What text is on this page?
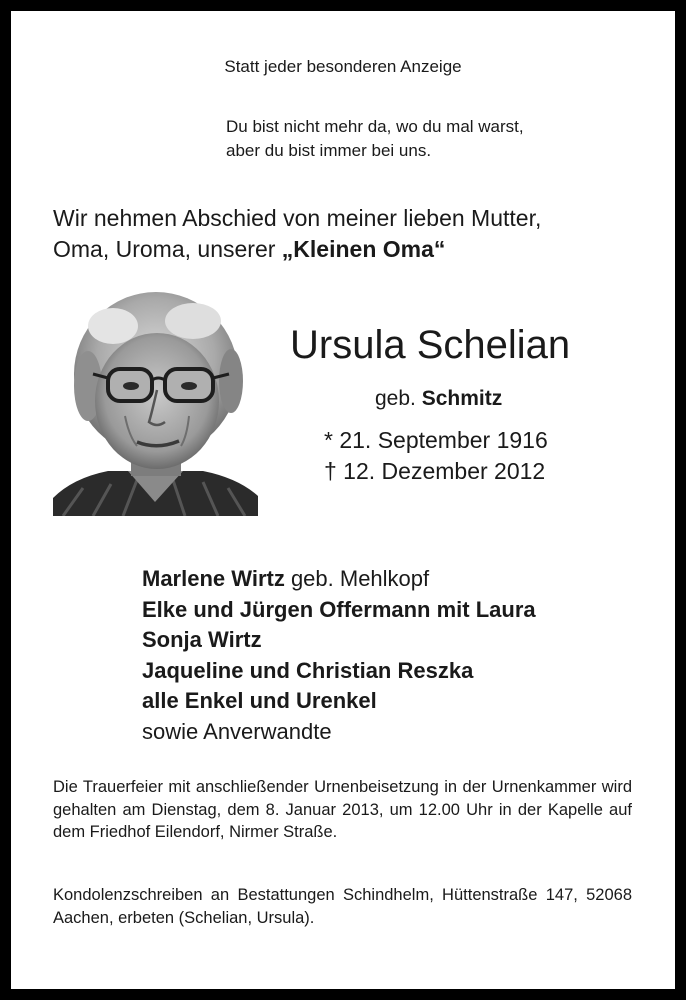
Statt jeder besonderen Anzeige
Du bist nicht mehr da, wo du mal warst,
aber du bist immer bei uns.
Wir nehmen Abschied von meiner lieben Mutter,
Oma, Uroma, unserer „Kleinen Oma“
Ursula Schelian
geb. Schmitz
* 21. September 1916
† 12. Dezember 2012
Marlene Wirtz geb. Mehlkopf
Elke und Jürgen Offermann mit Laura
Sonja Wirtz
Jaqueline und Christian Reszka
alle Enkel und Urenkel
sowie Anverwandte
Die Trauerfeier mit anschließender Urnenbeisetzung in der Urnenkammer wird gehalten am Dienstag, dem 8. Januar 2013, um 12.00 Uhr in der Kapelle auf dem Friedhof Eilendorf, Nirmer Straße.
Kondolenzschreiben an Bestattungen Schindhelm, Hüttenstraße 147, 52068 Aachen, erbeten (Schelian, Ursula).
